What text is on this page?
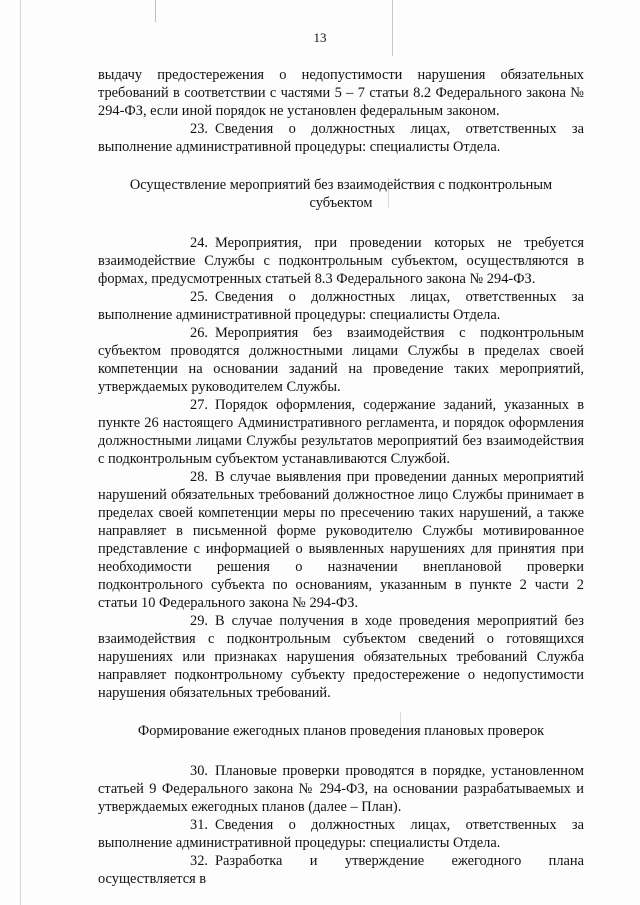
13

выдачу предостережения о недопустимости нарушения обязательных требований в соответствии с частями 5 – 7 статьи 8.2 Федерального закона № 294-ФЗ, если иной порядок не установлен федеральным законом.

23. Сведения о должностных лицах, ответственных за выполнение административной процедуры: специалисты Отдела.

Осуществление мероприятий без взаимодействия с подконтрольным субъектом

24. Мероприятия, при проведении которых не требуется взаимодействие Службы с подконтрольным субъектом, осуществляются в формах, предусмотренных статьей 8.3 Федерального закона № 294-ФЗ.

25. Сведения о должностных лицах, ответственных за выполнение административной процедуры: специалисты Отдела.

26. Мероприятия без взаимодействия с подконтрольным субъектом проводятся должностными лицами Службы в пределах своей компетенции на основании заданий на проведение таких мероприятий, утверждаемых руководителем Службы.

27. Порядок оформления, содержание заданий, указанных в пункте 26 настоящего Административного регламента, и порядок оформления должностными лицами Службы результатов мероприятий без взаимодействия с подконтрольным субъектом устанавливаются Службой.

28. В случае выявления при проведении данных мероприятий нарушений обязательных требований должностное лицо Службы принимает в пределах своей компетенции меры по пресечению таких нарушений, а также направляет в письменной форме руководителю Службы мотивированное представление с информацией о выявленных нарушениях для принятия при необходимости решения о назначении внеплановой проверки подконтрольного субъекта по основаниям, указанным в пункте 2 части 2 статьи 10 Федерального закона № 294-ФЗ.

29. В случае получения в ходе проведения мероприятий без взаимодействия с подконтрольным субъектом сведений о готовящихся нарушениях или признаках нарушения обязательных требований Служба направляет подконтрольному субъекту предостережение о недопустимости нарушения обязательных требований.

Формирование ежегодных планов проведения плановых проверок

30. Плановые проверки проводятся в порядке, установленном статьей 9 Федерального закона № 294-ФЗ, на основании разрабатываемых и утверждаемых ежегодных планов (далее – План).

31. Сведения о должностных лицах, ответственных за выполнение административной процедуры: специалисты Отдела.

32. Разработка и утверждение ежегодного плана осуществляется в
